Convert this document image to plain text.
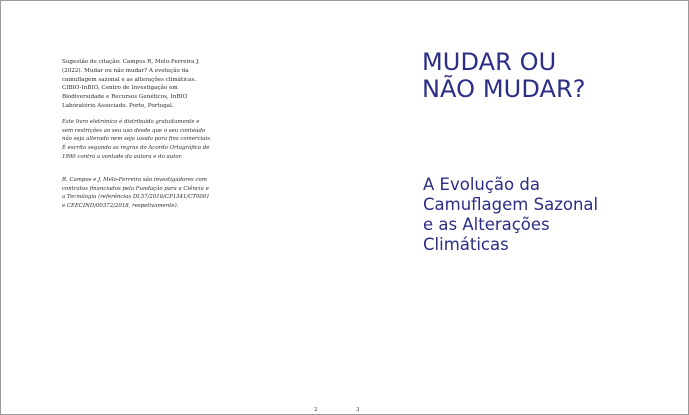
Sugestão de citação: Campos R, Melo-Ferreira J. (2022). Mudar ou não mudar? A evolução da camuflagem sazonal e as alterações climáticas. CIBIO-InBIO, Centro de Investigação em Biodiversidade e Recursos Genéticos, InBIO Laboratório Associado. Porto, Portugal.

Este livro eletrónico é distribuído gratuitamente e sem restrições ao seu uso desde que o seu conteúdo não seja alterado nem seja usado para fins comerciais. É escrito segundo as regras do Acordo Ortográfico de 1990 contra a vontade da autora e do autor.

R. Campos e J. Melo-Ferreira são investigadores com contratos financiados pela Fundação para a Ciência e a Tecnologia (referências DL57/2016/CP1341/CT0001 e CEECIND/00372/2018, respetivamente).

2
MUDAR OU
NÃO MUDAR?
A Evolução da
Camuflagem Sazonal
e as Alterações
Climáticas
3
